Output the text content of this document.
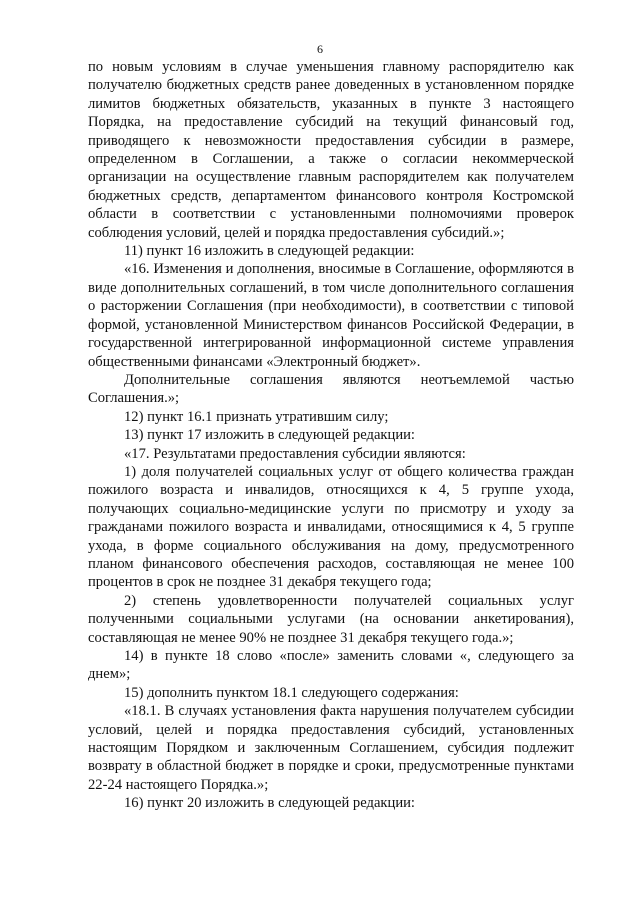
6

по новым условиям в случае уменьшения главному распорядителю как получателю бюджетных средств ранее доведенных в установленном порядке лимитов бюджетных обязательств, указанных в пункте 3 настоящего Порядка, на предоставление субсидий на текущий финансовый год, приводящего к невозможности предоставления субсидии в размере, определенном в Соглашении, а также о согласии некоммерческой организации на осуществление главным распорядителем как получателем бюджетных средств, департаментом финансового контроля Костромской области в соответствии с установленными полномочиями проверок соблюдения условий, целей и порядка предоставления субсидий.»;

11) пункт 16 изложить в следующей редакции:

«16. Изменения и дополнения, вносимые в Соглашение, оформляются в виде дополнительных соглашений, в том числе дополнительного соглашения о расторжении Соглашения (при необходимости), в соответствии с типовой формой, установленной Министерством финансов Российской Федерации, в государственной интегрированной информационной системе управления общественными финансами «Электронный бюджет».

Дополнительные соглашения являются неотъемлемой частью Соглашения.»;

12) пункт 16.1 признать утратившим силу;

13) пункт 17 изложить в следующей редакции:

«17. Результатами предоставления субсидии являются:

1) доля получателей социальных услуг от общего количества граждан пожилого возраста и инвалидов, относящихся к 4, 5 группе ухода, получающих социально-медицинские услуги по присмотру и уходу за гражданами пожилого возраста и инвалидами, относящимися к 4, 5 группе ухода, в форме социального обслуживания на дому, предусмотренного планом финансового обеспечения расходов, составляющая не менее 100 процентов в срок не позднее 31 декабря текущего года;

2) степень удовлетворенности получателей социальных услуг полученными социальными услугами (на основании анкетирования), составляющая не менее 90% не позднее 31 декабря текущего года.»;

14) в пункте 18 слово «после» заменить словами «, следующего за днем»;

15) дополнить пунктом 18.1 следующего содержания:

«18.1. В случаях установления факта нарушения получателем субсидии условий, целей и порядка предоставления субсидий, установленных настоящим Порядком и заключенным Соглашением, субсидия подлежит возврату в областной бюджет в порядке и сроки, предусмотренные пунктами 22-24 настоящего Порядка.»;

16) пункт 20 изложить в следующей редакции:
